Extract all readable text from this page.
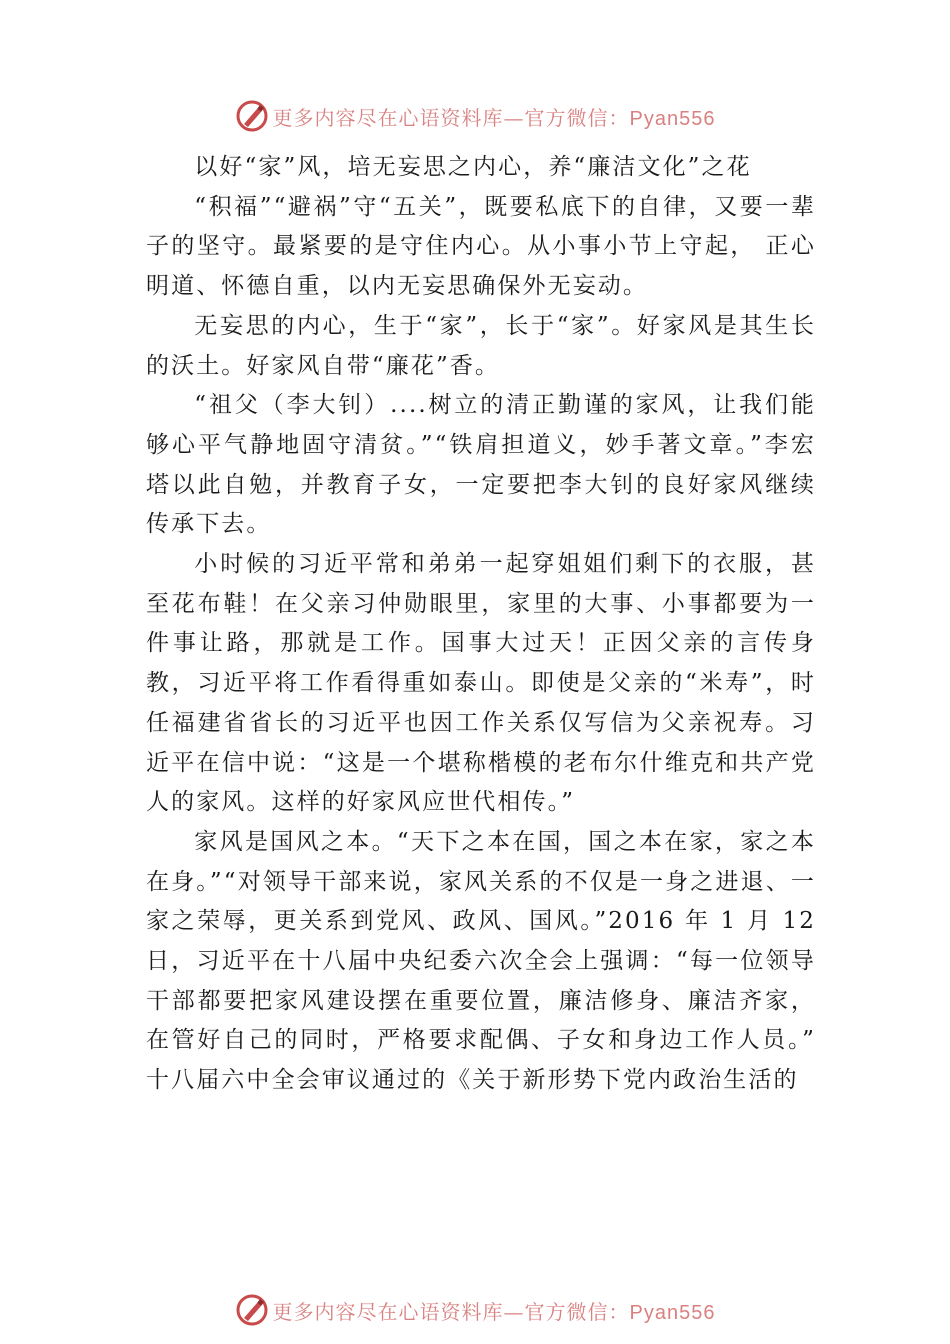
更多内容尽在心语资料库—官方微信：Pyan556

以好“家”风，培无妄思之内心，养“廉洁文化”之花

“积福”“避祸”守“五关”，既要私底下的自律，又要一辈子的坚守。最紧要的是守住内心。从小事小节上守起， 正心明道、怀德自重，以内无妄思确保外无妄动。

无妄思的内心，生于“家”，长于“家”。好家风是其生长的沃土。好家风自带“廉花”香。

“祖父（李大钊）....树立的清正勤谨的家风，让我们能够心平气静地固守清贫。”“铁肩担道义，妙手著文章。”李宏塔以此自勉，并教育子女，一定要把李大钊的良好家风继续传承下去。

小时候的习近平常和弟弟一起穿姐姐们剩下的衣服，甚至花布鞋！在父亲习仲勋眼里，家里的大事、小事都要为一件事让路，那就是工作。国事大过天！正因父亲的言传身教，习近平将工作看得重如泰山。即使是父亲的“米寿”，时任福建省省长的习近平也因工作关系仅写信为父亲祝寿。习近平在信中说：“这是一个堪称楷模的老布尔什维克和共产党人的家风。这样的好家风应世代相传。”

家风是国风之本。“天下之本在国，国之本在家，家之本在身。”“对领导干部来说，家风关系的不仅是一身之进退、一家之荣辱，更关系到党风、政风、国风。”2016 年 1 月 12 日，习近平在十八届中央纪委六次全会上强调：“每一位领导干部都要把家风建设摆在重要位置，廉洁修身、廉洁齐家， 在管好自己的同时，严格要求配偶、子女和身边工作人员。” 十八届六中全会审议通过的《关于新形势下党内政治生活的

更多内容尽在心语资料库—官方微信：Pyan556
